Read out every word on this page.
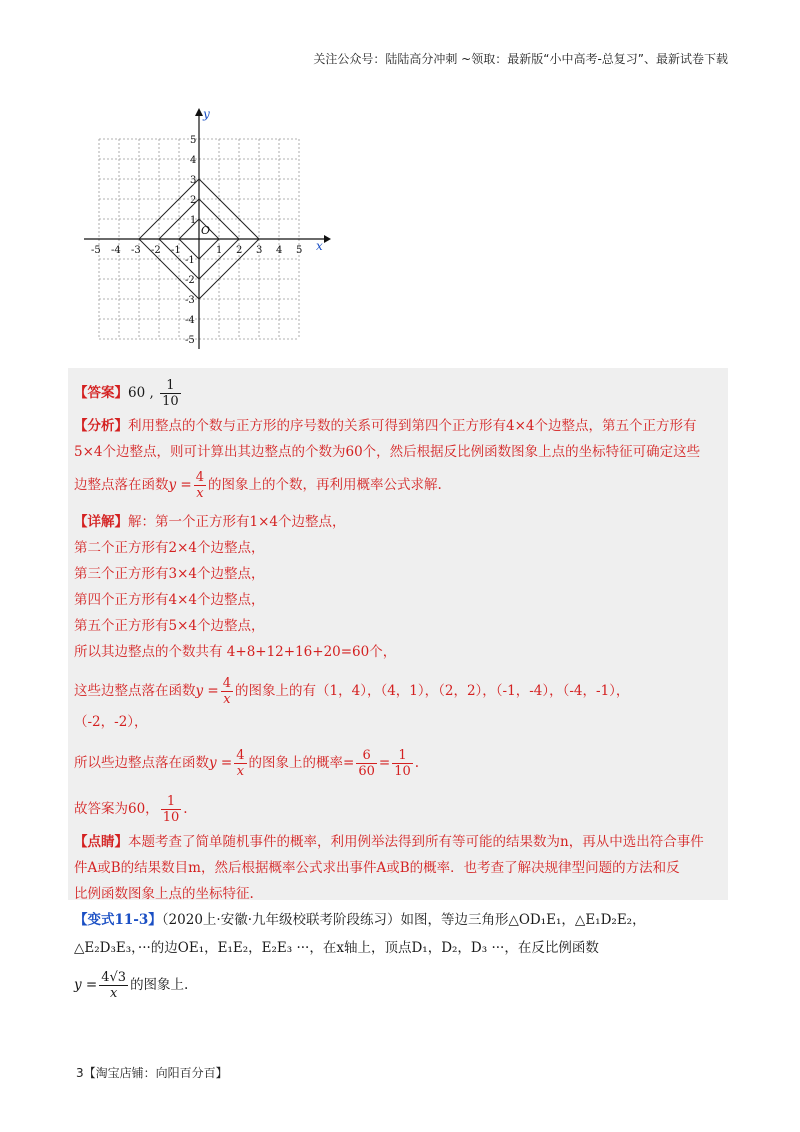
关注公众号：陆陆高分冲刺 ~领取：最新版“小中高考-总复习”、最新试卷下载
-5 -4 -3 -2 -1	1 2 3 4 5
5
4
3
2
1
-1
-2
-3
-4
-5
x
y
O
【答案】60 , $\frac{1}{10}$
【分析】利用整点的个数与正方形的序号数的关系可得到第四个正方形有4×4个边整点，第五个正方形有
5×4个边整点，则可计算出其边整点的个数为60个，然后根据反比例函数图象上点的坐标特征可确定这些
边整点落在函数$y = \frac{4}{x}$ 的图象上的个数，再利用概率公式求解.
【详解】解：第一个正方形有1×4个边整点，
第二个正方形有2×4个边整点，
第三个正方形有3×4个边整点，
第四个正方形有4×4个边整点，
第五个正方形有5×4个边整点，
所以其边整点的个数共有 4+8+12+16+20=60个，
这些边整点落在函数$y = \frac{4}{x}$ 的图象上的有（1，4），（4，1），（2，2），（-1，-4），（-4，-1），
（-2，-2），
所以些边整点落在函数$y = \frac{4}{x}$ 的图象上的概率= $\frac{6}{60} = \frac{1}{10}$ .
故答案为60， $\frac{1}{10}$ .
【点睛】本题考查了简单随机事件的概率，利用例举法得到所有等可能的结果数为n，再从中选出符合事件
件A或B的结果数目m，然后根据概率公式求出事件A或B的概率．也考查了解决规律型问题的方法和反
比例函数图象上点的坐标特征.
【变式11-3】（2020上·安徽·九年级校联考阶段练习）如图，等边三角形△OD₁E₁，△E₁D₂E₂，
△E₂D₃E₃，···的边OE₁，E₁E₂，E₂E₃ ···，在x轴上，顶点D₁，D₂，D₃ ···，在反比例函数
$y = \frac{4√3}{x}$ 的图象上.
3【淘宝店铺：向阳百分百】
